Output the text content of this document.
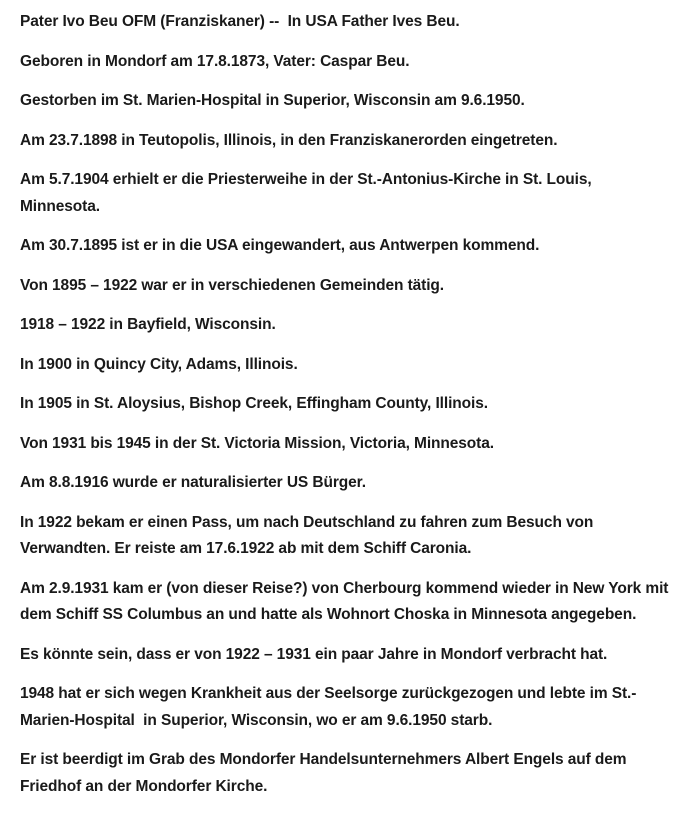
Pater Ivo Beu OFM (Franziskaner) --  In USA Father Ives Beu.

Geboren in Mondorf am 17.8.1873, Vater: Caspar Beu.

Gestorben im St. Marien-Hospital in Superior, Wisconsin am 9.6.1950.

Am 23.7.1898 in Teutopolis, Illinois, in den Franziskanerorden eingetreten.

Am 5.7.1904 erhielt er die Priesterweihe in der St.-Antonius-Kirche in St. Louis, Minnesota.

Am 30.7.1895 ist er in die USA eingewandert, aus Antwerpen kommend.

Von 1895 – 1922 war er in verschiedenen Gemeinden tätig.

1918 – 1922 in Bayfield, Wisconsin.

In 1900 in Quincy City, Adams, Illinois.

In 1905 in St. Aloysius, Bishop Creek, Effingham County, Illinois.

Von 1931 bis 1945 in der St. Victoria Mission, Victoria, Minnesota.

Am 8.8.1916 wurde er naturalisierter US Bürger.

In 1922 bekam er einen Pass, um nach Deutschland zu fahren zum Besuch von Verwandten. Er reiste am 17.6.1922 ab mit dem Schiff Caronia.

Am 2.9.1931 kam er (von dieser Reise?) von Cherbourg kommend wieder in New York mit dem Schiff SS Columbus an und hatte als Wohnort Choska in Minnesota angegeben.

Es könnte sein, dass er von 1922 – 1931 ein paar Jahre in Mondorf verbracht hat.

1948 hat er sich wegen Krankheit aus der Seelsorge zurückgezogen und lebte im St.-Marien-Hospital  in Superior, Wisconsin, wo er am 9.6.1950 starb.

Er ist beerdigt im Grab des Mondorfer Handelsunternehmers Albert Engels auf dem Friedhof an der Mondorfer Kirche.
